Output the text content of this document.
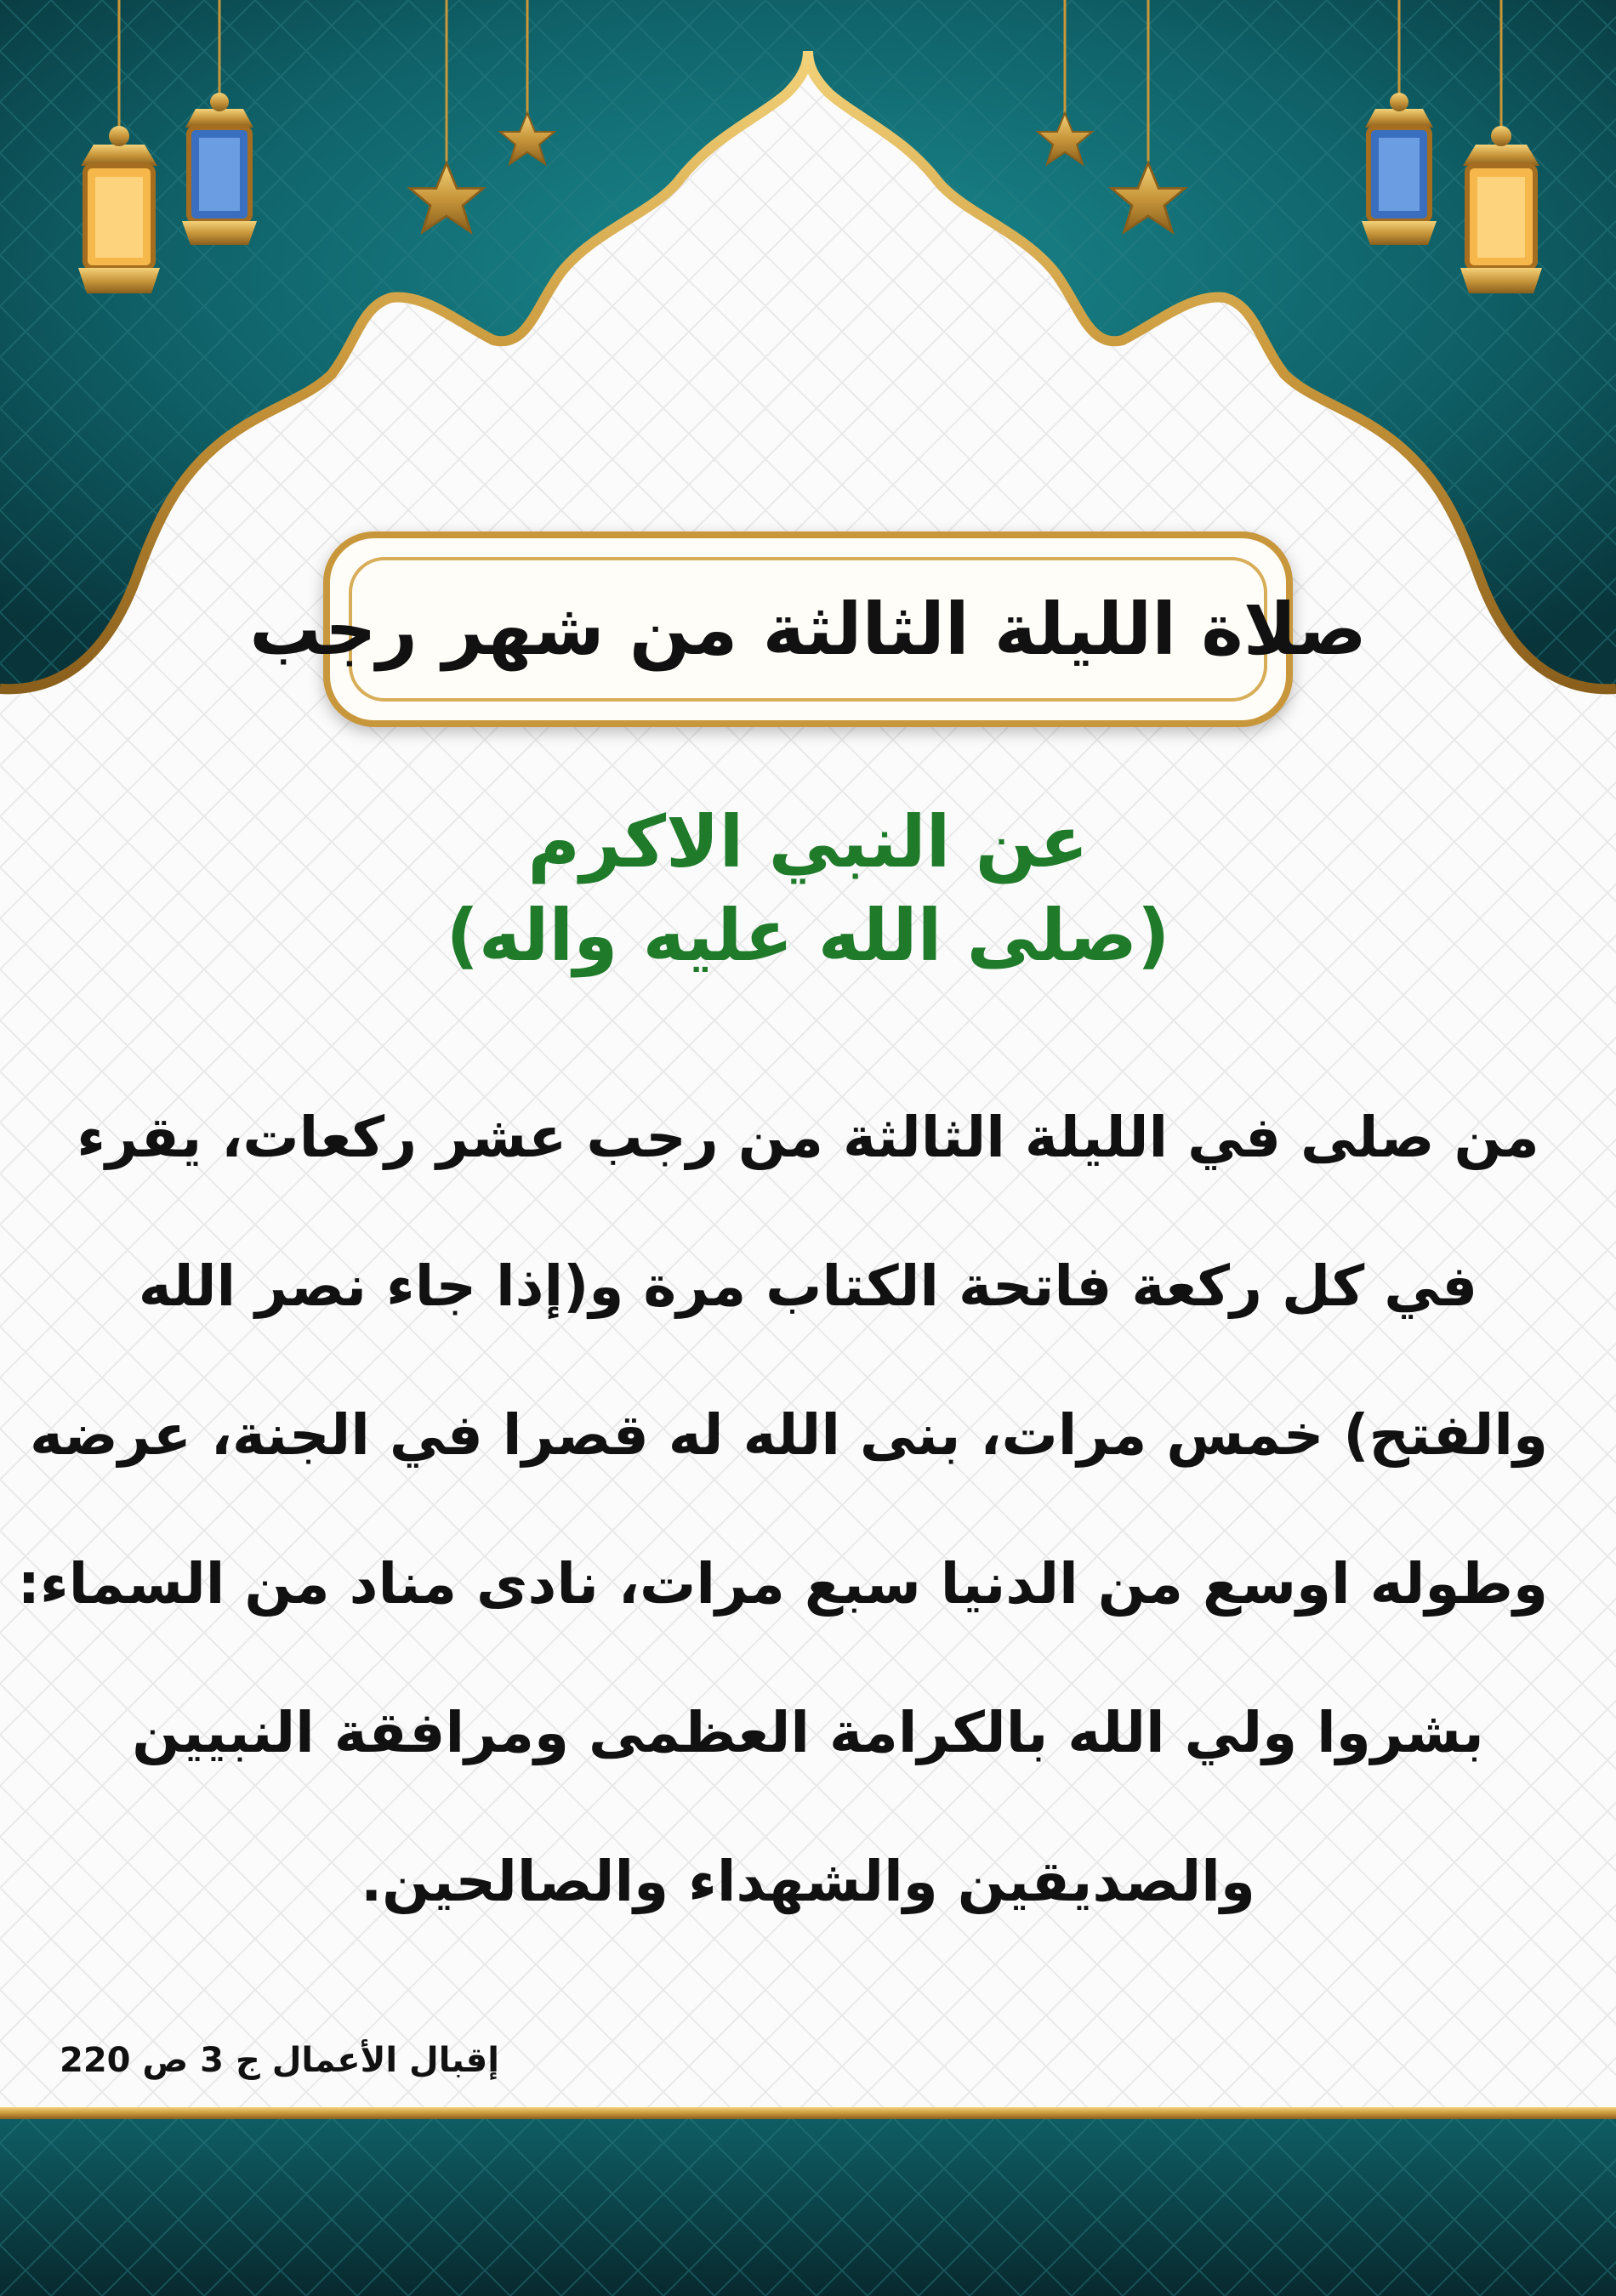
صلاة الليلة الثالثة من شهر رجب
عن النبي الاكرم
(صلى الله عليه واله)
من صلى في الليلة الثالثة من رجب عشر ركعات، يقرء
في كل ركعة فاتحة الكتاب مرة و(إذا جاء نصر الله
والفتح) خمس مرات، بنى الله له قصرا في الجنة، عرضه
وطوله اوسع من الدنيا سبع مرات، نادى مناد من السماء:
بشروا ولي الله بالكرامة العظمى ومرافقة النبيين
والصديقين والشهداء والصالحين.
إقبال الأعمال ج 3 ص 220
